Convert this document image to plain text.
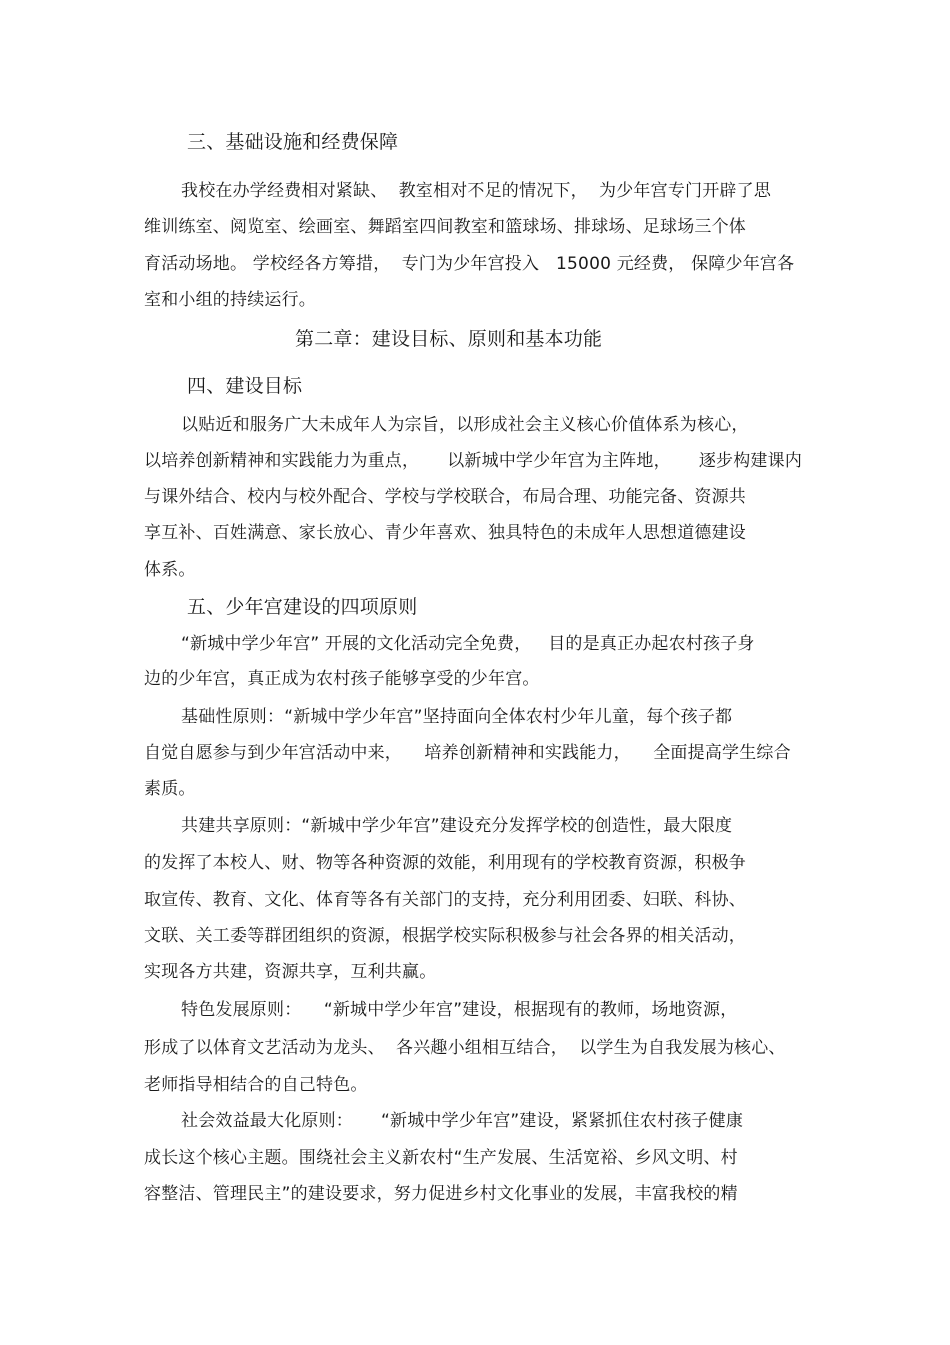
三、基础设施和经费保障
我校在办学经费相对紧缺、  教室相对不足的情况下，  为少年宫专门开辟了思
维训练室、阅览室、绘画室、舞蹈室四间教室和篮球场、排球场、足球场三个体
育活动场地。 学校经各方筹措，  专门为少年宫投入   15000 元经费， 保障少年宫各
室和小组的持续运行。
第二章：建设目标、原则和基本功能
四、建设目标
以贴近和服务广大未成年人为宗旨，以形成社会主义核心价值体系为核心，
以培养创新精神和实践能力为重点，     以新城中学少年宫为主阵地，     逐步构建课内
与课外结合、校内与校外配合、学校与学校联合，布局合理、功能完备、资源共
享互补、百姓满意、家长放心、青少年喜欢、独具特色的未成年人思想道德建设
体系。
五、少年宫建设的四项原则
“新城中学少年宫” 开展的文化活动完全免费，   目的是真正办起农村孩子身
边的少年宫，真正成为农村孩子能够享受的少年宫。
基础性原则：“新城中学少年宫”坚持面向全体农村少年儿童，每个孩子都
自觉自愿参与到少年宫活动中来，    培养创新精神和实践能力，    全面提高学生综合
素质。
共建共享原则：“新城中学少年宫”建设充分发挥学校的创造性，最大限度
的发挥了本校人、财、物等各种资源的效能，利用现有的学校教育资源，积极争
取宣传、教育、文化、体育等各有关部门的支持，充分利用团委、妇联、科协、
文联、关工委等群团组织的资源，根据学校实际积极参与社会各界的相关活动，
实现各方共建，资源共享，互利共赢。
特色发展原则：    “新城中学少年宫”建设，根据现有的教师，场地资源，
形成了以体育文艺活动为龙头、  各兴趣小组相互结合，  以学生为自我发展为核心、
老师指导相结合的自己特色。
社会效益最大化原则：     “新城中学少年宫”建设，紧紧抓住农村孩子健康
成长这个核心主题。围绕社会主义新农村“生产发展、生活宽裕、乡风文明、村
容整洁、管理民主”的建设要求，努力促进乡村文化事业的发展，丰富我校的精
